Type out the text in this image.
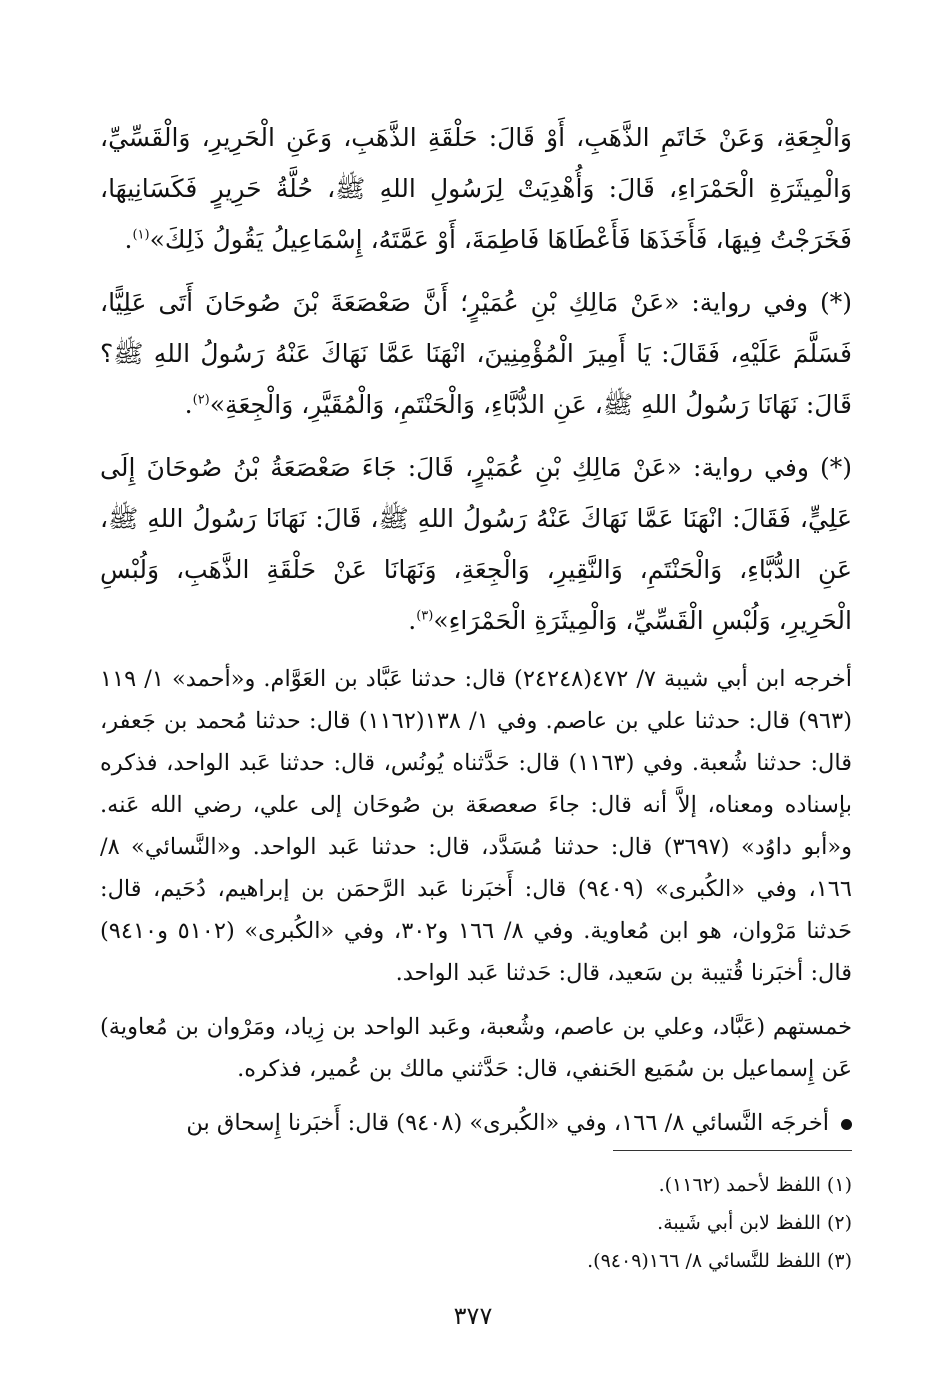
وَالْجِعَةِ، وَعَنْ خَاتَمِ الذَّهَبِ، أَوْ قَالَ: حَلْقَةِ الذَّهَبِ، وَعَنِ الْحَرِيرِ، وَالْقَسِّيِّ، وَالْمِيثَرَةِ الْحَمْرَاءِ، قَالَ: وَأُهْدِيَتْ لِرَسُولِ اللهِ ﷺ، حُلَّةُ حَرِيرٍ فَكَسَانِيهَا، فَخَرَجْتُ فِيهَا، فَأَخَذَهَا فَأَعْطَاهَا فَاطِمَةَ، أَوْ عَمَّتَهُ، إِسْمَاعِيلُ يَقُولُ ذَلِكَ»$^{(١)}$.

(*) وفي رواية: «عَنْ مَالِكِ بْنِ عُمَيْرٍ؛ أَنَّ صَعْصَعَةَ بْنَ صُوحَانَ أَتَى عَلِيًّا، فَسَلَّمَ عَلَيْهِ، فَقَالَ: يَا أَمِيرَ الْمُؤْمِنِينَ، انْهَنَا عَمَّا نَهَاكَ عَنْهُ رَسُولُ اللهِ ﷺ؟ قَالَ: نَهَانَا رَسُولُ اللهِ ﷺ، عَنِ الدُّبَّاءِ، وَالْحَنْتَمِ، وَالْمُقَيَّرِ، وَالْجِعَةِ»$^{(٢)}$.

(*) وفي رواية: «عَنْ مَالِكِ بْنِ عُمَيْرٍ، قَالَ: جَاءَ صَعْصَعَةُ بْنُ صُوحَانَ إِلَى عَلِيٍّ، فَقَالَ: انْهَنَا عَمَّا نَهَاكَ عَنْهُ رَسُولُ اللهِ ﷺ، قَالَ: نَهَانَا رَسُولُ اللهِ ﷺ، عَنِ الدُّبَّاءِ، وَالْحَنْتَمِ، وَالنَّقِيرِ، وَالْجِعَةِ، وَنَهَانَا عَنْ حَلْقَةِ الذَّهَبِ، وَلُبْسِ الْحَرِيرِ، وَلُبْسِ الْقَسِّيِّ، وَالْمِيثَرَةِ الْحَمْرَاءِ»$^{(٣)}$.

أخرجه ابن أبي شيبة ٧/ ٤٧٢(٢٤٢٤٨) قال: حدثنا عَبَّاد بن العَوَّام. و«أحمد» ١/ ١١٩ (٩٦٣) قال: حدثنا علي بن عاصم. وفي ١/ ١٣٨(١١٦٢) قال: حدثنا مُحمد بن جَعفر، قال: حدثنا شُعبة. وفي (١١٦٣) قال: حَدَّثناه يُونُس، قال: حدثنا عَبد الواحد، فذكره بإسناده ومعناه، إلاَّ أنه قال: جاءَ صعصعَة بن صُوحَان إلى علي، رضي الله عَنه. و«أبو داوُد» (٣٦٩٧) قال: حدثنا مُسَدَّد، قال: حدثنا عَبد الواحد. و«النَّسائي» ٨/ ١٦٦، وفي «الكُبرى» (٩٤٠٩) قال: أَخبَرنا عَبد الرَّحمَن بن إبراهيم، دُحَيم، قال: حَدثنا مَرْوان، هو ابن مُعاوية. وفي ٨/ ١٦٦ و٣٠٢، وفي «الكُبرى» (٥١٠٢ و٩٤١٠) قال: أخبَرنا قُتيبة بن سَعيد، قال: حَدثنا عَبد الواحد.

خمستهم (عَبَّاد، وعلي بن عاصم، وشُعبة، وعَبد الواحد بن زِياد، ومَرْوان بن مُعاوية) عَن إِسماعيل بن سُمَيع الحَنفي، قال: حَدَّثني مالك بن عُمير، فذكره.

أخرجَه النَّسائي ٨/ ١٦٦، وفي «الكُبرى» (٩٤٠٨) قال: أَخبَرنا إِسحاق بن

(١) اللفظ لأحمد (١١٦٢).

(٢) اللفظ لابن أبي شَيبة.

(٣) اللفظ للنَّسائي ٨/ ١٦٦(٩٤٠٩).

٣٧٧
